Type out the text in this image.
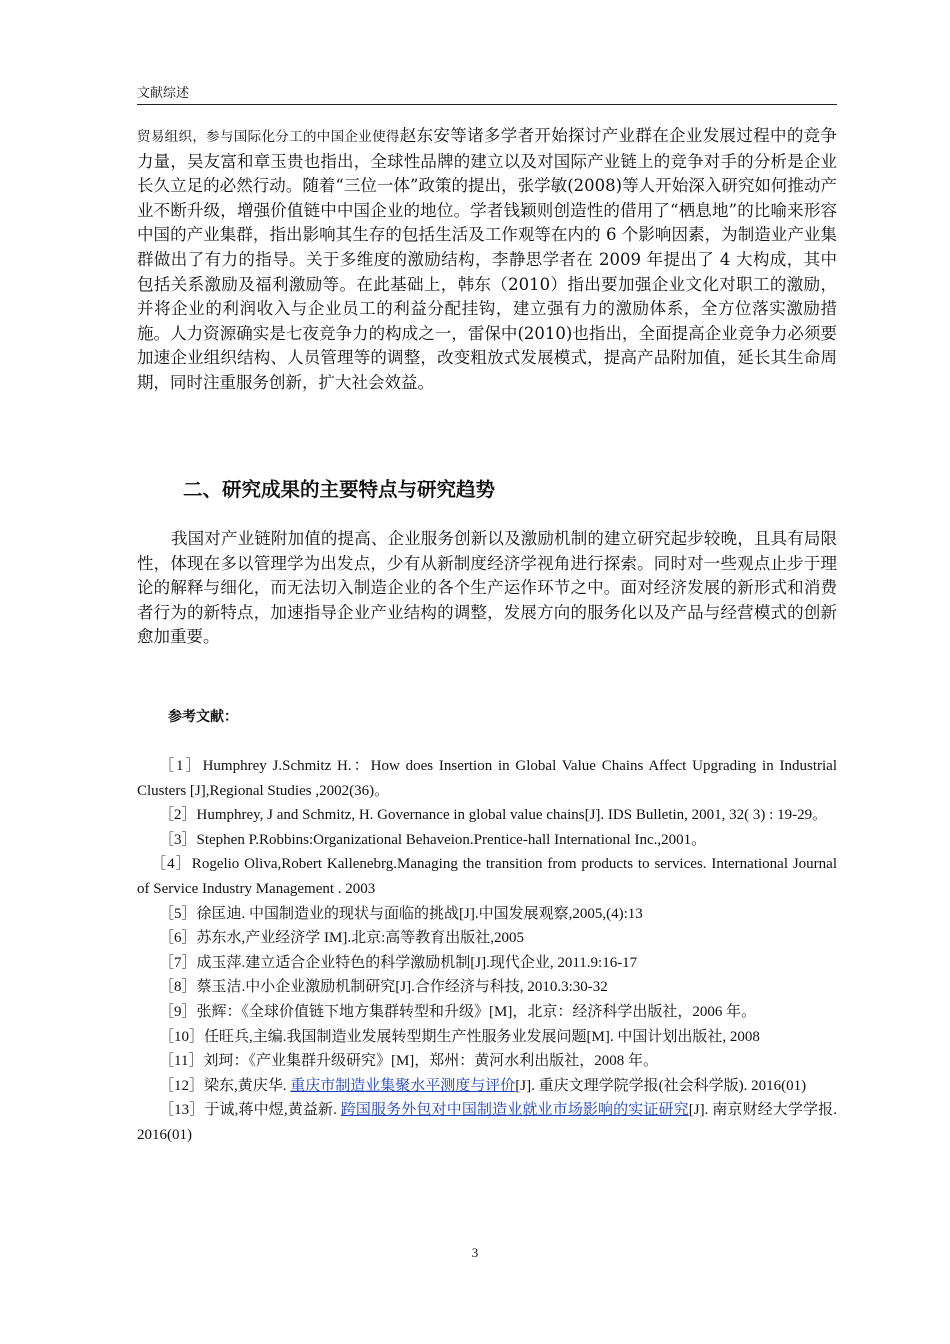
文献综述

贸易组织，参与国际化分工的中国企业使得赵东安等诸多学者开始探讨产业群在企业发展过程中的竞争力量，吴友富和章玉贵也指出，全球性品牌的建立以及对国际产业链上的竞争对手的分析是企业长久立足的必然行动。随着“三位一体”政策的提出，张学敏(2008)等人开始深入研究如何推动产业不断升级，增强价值链中中国企业的地位。学者钱颖则创造性的借用了“栖息地”的比喻来形容中国的产业集群，指出影响其生存的包括生活及工作观等在内的 6 个影响因素，为制造业产业集群做出了有力的指导。关于多维度的激励结构，李静思学者在 2009 年提出了 4 大构成，其中包括关系激励及福利激励等。在此基础上，韩东（2010）指出要加强企业文化对职工的激励，并将企业的利润收入与企业员工的利益分配挂钩，建立强有力的激励体系，全方位落实激励措施。人力资源确实是七夜竞争力的构成之一，雷保中(2010)也指出，全面提高企业竞争力必须要加速企业组织结构、人员管理等的调整，改变粗放式发展模式，提高产品附加值，延长其生命周期，同时注重服务创新，扩大社会效益。

二、研究成果的主要特点与研究趋势
我国对产业链附加值的提高、企业服务创新以及激励机制的建立研究起步较晚，且具有局限性，体现在多以管理学为出发点，少有从新制度经济学视角进行探索。同时对一些观点止步于理论的解释与细化，而无法切入制造企业的各个生产运作环节之中。面对经济发展的新形式和消费者行为的新特点，加速指导企业产业结构的调整，发展方向的服务化以及产品与经营模式的创新愈加重要。
参考文献：

［1］Humphrey J.Schmitz H.：How does Insertion in Global Value Chains Affect Upgrading in Industrial Clusters [J],Regional Studies ,2002(36)。

［2］Humphrey, J and Schmitz, H. Governance in global value chains[J]. IDS Bulletin, 2001, 32( 3) : 19-29。

［3］Stephen P.Robbins:Organizational Behaveion.Prentice-hall International Inc.,2001。

［4］Rogelio Oliva,Robert Kallenebrg.Managing the transition from products to services. International Journal of Service Industry Management . 2003

［5］徐匡迪. 中国制造业的现状与面临的挑战[J].中国发展观察,2005,(4):13

［6］苏东水,产业经济学 IM].北京:高等教育出版社,2005

［7］成玉萍.建立适合企业特色的科学激励机制[J].现代企业, 2011.9:16-17

［8］蔡玉洁.中小企业激励机制研究[J].合作经济与科技, 2010.3:30-32

［9］张辉：《全球价值链下地方集群转型和升级》[M]，北京：经济科学出版社，2006 年。

［10］任旺兵,主编.我国制造业发展转型期生产性服务业发展问题[M]. 中国计划出版社, 2008

［11］刘珂：《产业集群升级研究》[M]，郑州：黄河水利出版社，2008 年。

［12］梁东,黄庆华. 重庆市制造业集聚水平测度与评价[J]. 重庆文理学院学报(社会科学版). 2016(01)

［13］于诚,蒋中煜,黄益新. 跨国服务外包对中国制造业就业市场影响的实证研究[J]. 南京财经大学学报. 2016(01)

3
